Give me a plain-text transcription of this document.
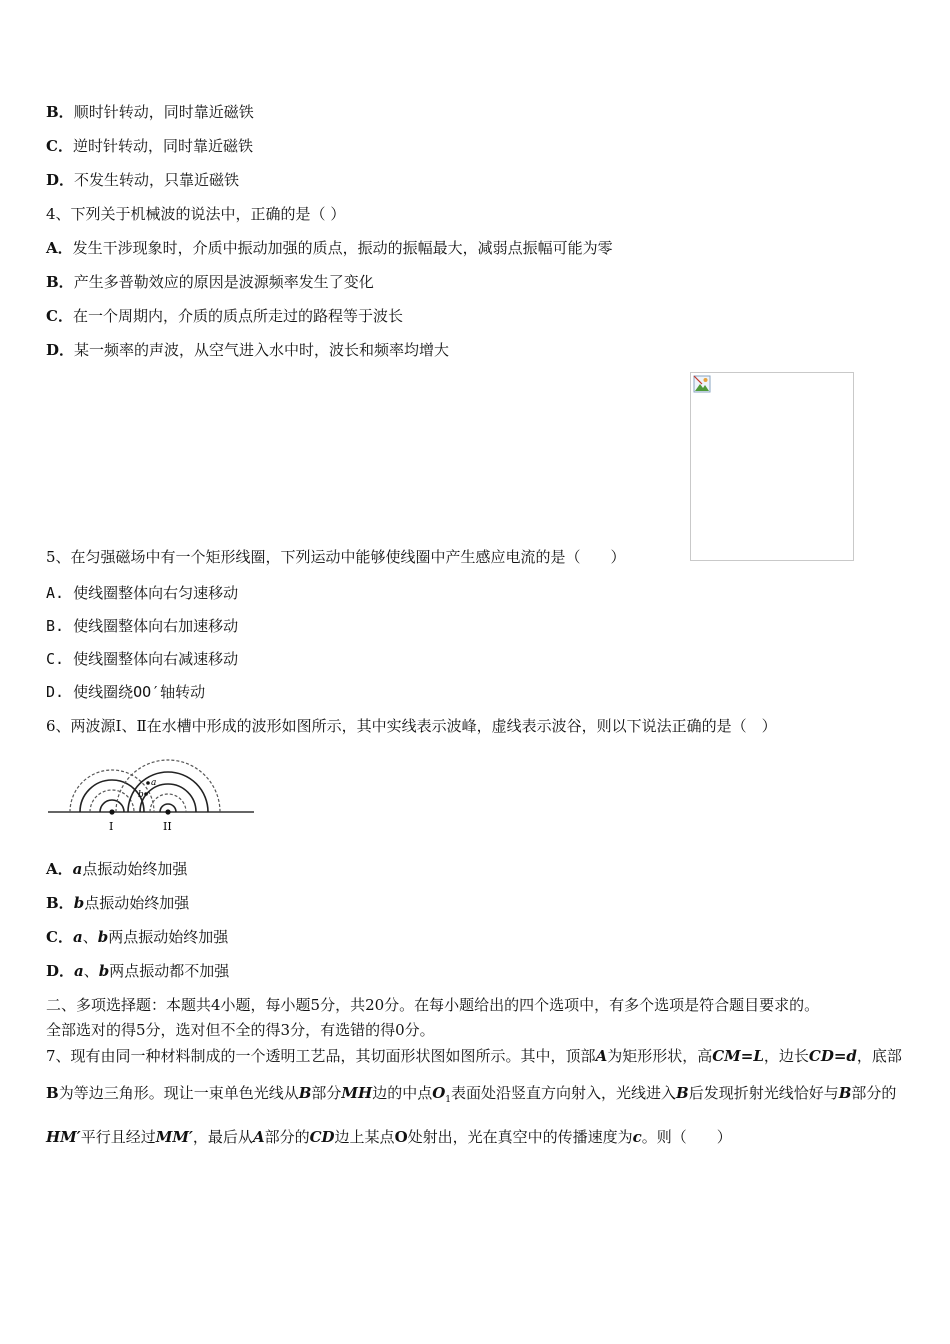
B．顺时针转动，同时靠近磁铁
C．逆时针转动，同时靠近磁铁
D．不发生转动，只靠近磁铁
4、下列关于机械波的说法中，正确的是（ ）
A．发生干涉现象时，介质中振动加强的质点，振动的振幅最大，减弱点振幅可能为零
B．产生多普勒效应的原因是波源频率发生了变化
C．在一个周期内，介质的质点所走过的路程等于波长
D．某一频率的声波，从空气进入水中时，波长和频率均增大
5、在匀强磁场中有一个矩形线圈，下列运动中能够使线圈中产生感应电流的是（　　）
A. 使线圈整体向右匀速移动
B. 使线圈整体向右加速移动
C. 使线圈整体向右减速移动
D. 使线圈绕OO′轴转动
6、两波源Ⅰ、Ⅱ在水槽中形成的波形如图所示，其中实线表示波峰，虚线表示波谷，则以下说法正确的是（　）
a
b
I	II
A．a点振动始终加强
B．b点振动始终加强
C．a、b两点振动始终加强
D．a、b两点振动都不加强
二、多项选择题：本题共4小题，每小题5分，共20分。在每小题给出的四个选项中，有多个选项是符合题目要求的。
全部选对的得5分，选对但不全的得3分，有选错的得0分。
7、现有由同一种材料制成的一个透明工艺品，其切面形状图如图所示。其中，顶部A为矩形形状，高CM=L，边长CD=d，底部B为等边三角形。现让一束单色光线从B部分MH边的中点$O_1$表面处沿竖直方向射入，光线进入B后发现折射光线恰好与B部分的HM′平行且经过MM′，最后从A部分的CD边上某点O处射出，光在真空中的传播速度为c。则（　　）
